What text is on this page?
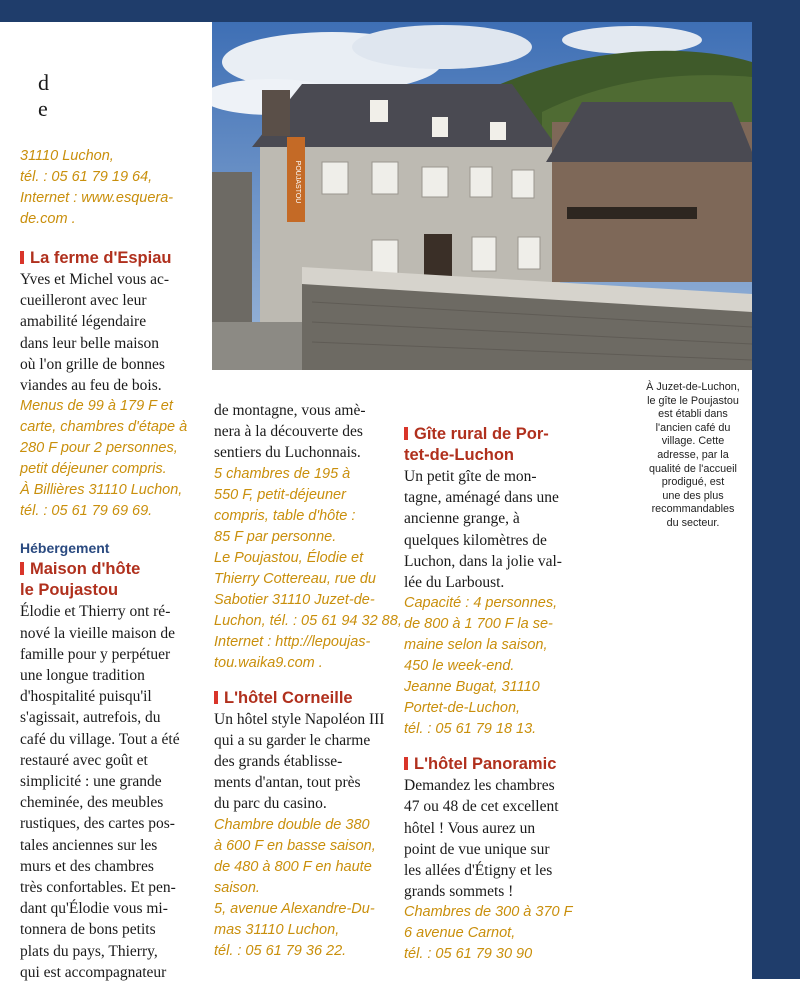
POUJASTOU

d e

31110 Luchon,

tél. : 05 61 79 19 64,

Internet : www.esquera-

de.com .

La ferme d'Espiau

Yves et Michel vous ac-

cueilleront avec leur

amabilité légendaire

dans leur belle maison

où l'on grille de bonnes

viandes au feu de bois.

Menus de 99 à 179 F et

carte, chambres d'étape à

280 F pour 2 personnes,

petit déjeuner compris.

À Billières 31110 Luchon,

tél. : 05 61 79 69 69.

Hébergement

Maison d'hôte

le Poujastou

Élodie et Thierry ont ré-

nové la vieille maison de

famille pour y perpétuer

une longue tradition

d'hospitalité puisqu'il

s'agissait, autrefois, du

café du village. Tout a été

restauré avec goût et

simplicité : une grande

cheminée, des meubles

rustiques, des cartes pos-

tales anciennes sur les

murs et des chambres

très confortables. Et pen-

dant qu'Élodie vous mi-

tonnera de bons petits

plats du pays, Thierry,

qui est accompagnateur

de montagne, vous amè-

nera à la découverte des

sentiers du Luchonnais.

5 chambres de 195 à

550 F, petit-déjeuner

compris, table d'hôte :

85 F par personne.

Le Poujastou, Élodie et

Thierry Cottereau, rue du

Sabotier 31110 Juzet-de-

Luchon, tél. : 05 61 94 32 88,

Internet : http://lepoujas-

tou.waika9.com .

L'hôtel Corneille

Un hôtel style Napoléon III

qui a su garder le charme

des grands établisse-

ments d'antan, tout près

du parc du casino.

Chambre double de 380

à 600 F en basse saison,

de 480 à 800 F en haute

saison.

5, avenue Alexandre-Du-

mas 31110 Luchon,

tél. : 05 61 79 36 22.

Gîte rural de Por-

tet-de-Luchon

Un petit gîte de mon-

tagne, aménagé dans une

ancienne grange, à

quelques kilomètres de

Luchon, dans la jolie val-

lée du Larboust.

Capacité : 4 personnes,

de 800 à 1 700 F la se-

maine selon la saison,

450 le week-end.

Jeanne Bugat, 31110

Portet-de-Luchon,

tél. : 05 61 79 18 13.

L'hôtel Panoramic

Demandez les chambres

47 ou 48 de cet excellent

hôtel ! Vous aurez un

point de vue unique sur

les allées d'Étigny et les

grands sommets !

Chambres de 300 à 370 F

6 avenue Carnot,

tél. : 05 61 79 30 90

À Juzet-de-Luchon,
le gîte le Poujastou
est établi dans
l'ancien café du
village. Cette
adresse, par la
qualité de l'accueil
prodigué, est
une des plus
recommandables
du secteur.
